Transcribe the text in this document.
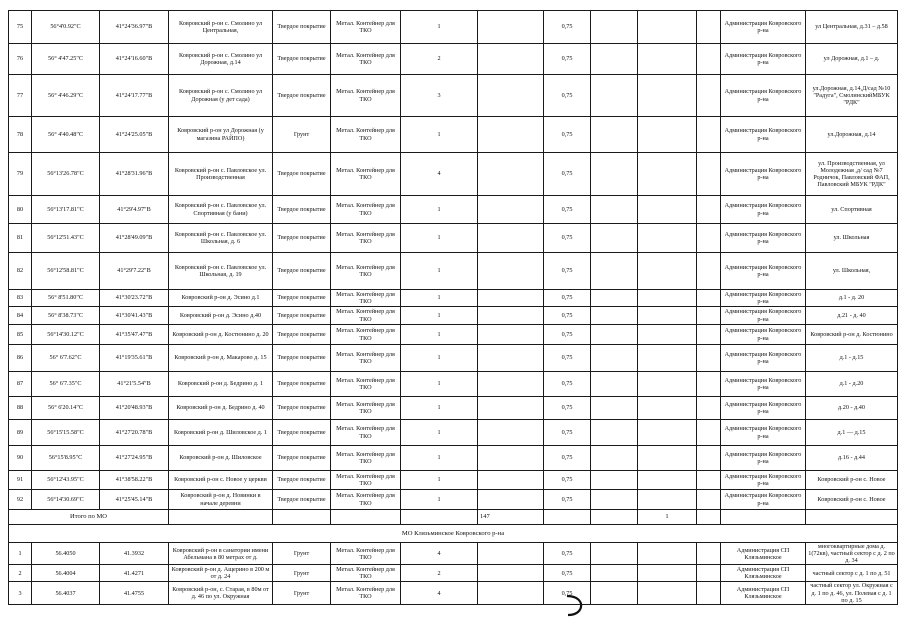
75	56°4'0.92"С	41°24'36.97"В	Ковровский р-он с. Смолино ул Центральная,	Твердое покрытие	Метал. Контейнер для ТКО	1		0,75				Администрация Ковровского р-на	ул Центральная, д.31 – д.58
76	56° 4'47.25"С	41°24'16.60"В	Ковровский р-он с. Смолино ул Дорожная, д.14	Твердое покрытие	Метал. Контейнер для ТКО	2		0,75				Администрация Ковровского р-на	ул Дорожная, д.1 – д.
77	56° 4'46.29"С	41°24'17.77"В	Ковровский р-он с. Смолино ул Дорожная (у дет сада)	Твердое покрытие	Метал. Контейнер для ТКО	3		0,75				Администрация Ковровского р-на	ул.Дорожная, д.14,Д/сад №10 "Радуга", СмолинскийМБУК "РДК"
78	56° 4'40.48"С	41°24'25.05"В	Ковровский р-он ул Дорожная (у магазина РАЙПО)	Грунт	Метал. Контейнер для ТКО	1		0,75				Администрация Ковровского р-на	ул.Дорожная, д.14
79	56°13'26.78"С	41°28'31.96"В	Ковровский р-он с. Павловское ул. Производственная	Твердое покрытие	Метал. Контейнер для ТКО	4		0,75				Администрация Ковровского р-на	ул. Производственная, ул Молодежная ,д/ сад №7 Родничок, Павловский ФАП, Павловский МБУК "РДК"
80	56°13'17.81"С	41°29'4.97"В	Ковровский р-он с. Павловское ул. Спортивная (у бани)	Твердое покрытие	Метал. Контейнер для ТКО	1		0,75				Администрация Ковровского р-на	ул. Спортивная
81	56°12'51.43"С	41°28'49.09"В	Ковровский р-он с. Павловское ул. Школьная, д. 6	Твердое покрытие	Метал. Контейнер для ТКО	1		0,75				Администрация Ковровского р-на	ул. Школьная
82	56°12'58.81"С	41°29'7.22"В	Ковровский р-он с. Павловское ул. Школьная, д. 19	Твердое покрытие	Метал. Контейнер для ТКО	1		0,75				Администрация Ковровского р-на	ул. Школьная,
83	56° 8'51.80"С	41°30'23.72"В	Ковровский р-он д. Эсино д.1	Твердое покрытие	Метал. Контейнер для ТКО	1		0,75				Администрация Ковровского р-на	д.1 - д. 20
84	56° 8'38.73"С	41°30'41.43"В	Ковровский р-он д. Эсино д.40	Твердое покрытие	Метал. Контейнер для ТКО	1		0,75				Администрация Ковровского р-на	д.21 - д. 40
85	56°14'30.12"С	41°35'47.47"В	Ковровский р-он д. Костюнино д. 20	Твердое покрытие	Метал. Контейнер для ТКО	1		0,75				Администрация Ковровского р-на	Ковровский р-он д. Костюнино
86	56° 6'7.62"С	41°19'35.61"В	Ковровский р-он д. Макарово д. 15	Твердое покрытие	Метал. Контейнер для ТКО	1		0,75				Администрация Ковровского р-на	д.1 - д.15
87	56° 6'7.35"С	41°21'5.54"В	Ковровский р-он д. Бедрино д. 1	Твердое покрытие	Метал. Контейнер для ТКО	1		0,75				Администрация Ковровского р-на	д.1 - д.20
88	56° 6'20.14"С	41°20'48.93"В	Ковровский р-он д. Бедрино д. 40	Твердое покрытие	Метал. Контейнер для ТКО	1		0,75				Администрация Ковровского р-на	д.20 - д.40
89	56°15'15.58"С	41°27'20.78"В	Ковровский р-он д. Шиловское д. 1	Твердое покрытие	Метал. Контейнер для ТКО	1		0,75				Администрация Ковровского р-на	д.1 — д.15
90	56°15'8.95"С	41°27'24.95"В	Ковровский р-он д. Шиловское	Твердое покрытие	Метал. Контейнер для ТКО	1		0,75				Администрация Ковровского р-на	д.16 - д.44
91	56°12'43.95"С	41°38'58.22"В	Ковровский р-он с. Новое у церкви	Твердое покрытие	Метал. Контейнер для ТКО	1		0,75				Администрация Ковровского р-на	Ковровский р-он с. Новое
92	56°14'30.69"С	41°25'45.14"В	Ковровский р-он д. Новинки в начале деревни	Твердое покрытие	Метал. Контейнер для ТКО	1		0,75				Администрация Ковровского р-на	Ковровский р-он с. Новое
Итого по МО							147			1			
МО Клязьминское Ковровского р-на													
1	56.4050	41.3932	Ковровский р-он в санатории имени Абельмана в 80 метрах от д.	Грунт	Метал. Контейнер для ТКО	4		0,75				Администрация СП Клязьминское	многоквартирные дома д. 1(72кв), частный сектор с д. 2 по д. 34
2	56.4004	41.4271	Ковровский р-он д. Ащерино в 200 м от д. 24	Грунт	Метал. Контейнер для ТКО	2		0,75				Администрация СП Клязьминское	частный сектор с д. 1 по д. 51
3	56.4037	41.4755	Ковровский р-он, с. Старая, в 80м от д. 46 по ул. Окружная	Грунт	Метал. Контейнер для ТКО	4		0,75				Администрация СП Клязьминское	частный сектор ул. Окружная с д. 1 по д. 46, ул. Полевая с д. 1 по д. 15
